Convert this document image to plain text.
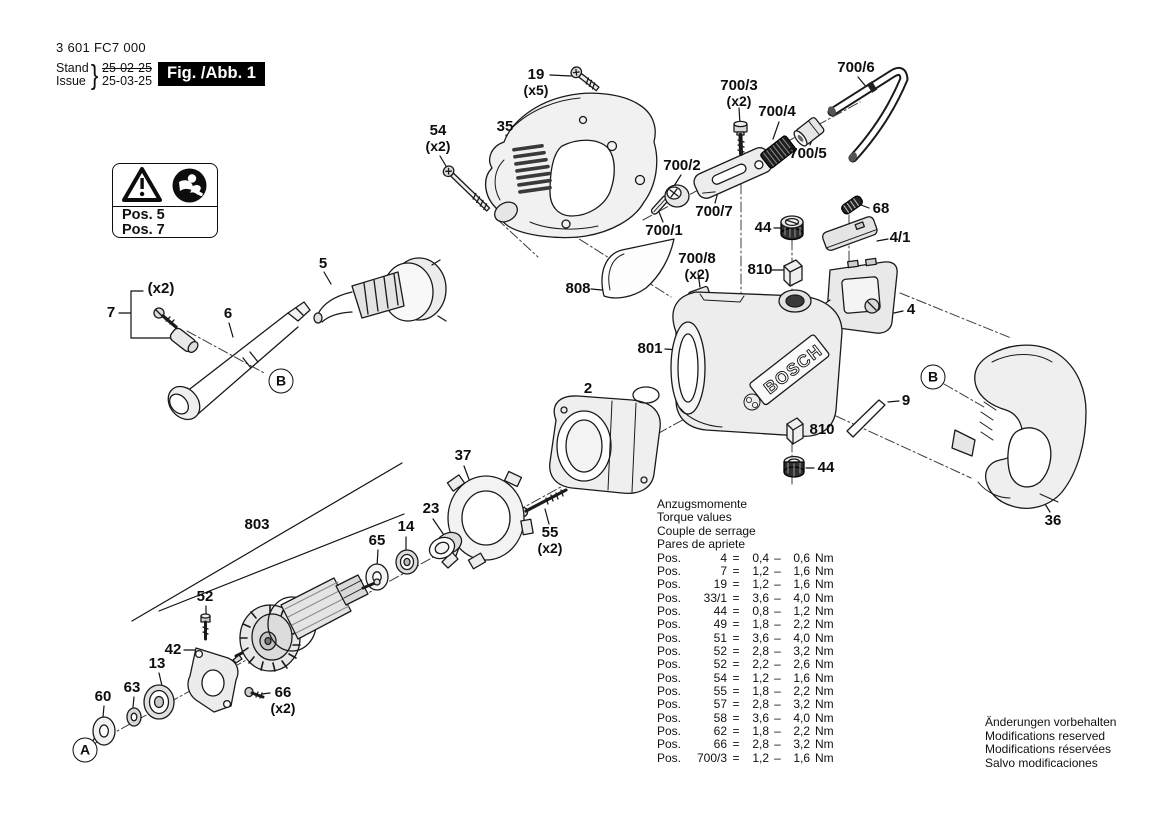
BOSCH
19
(x5)
35
54
(x2)
700/3
(x2)
700/4
700/6
700/5
700/2
700/7
700/1
68
44
4/1
700/8
(x2)	810
808
801
4
7
(x2)
5
6
2
9
810
44
36
37
23
55
(x2)
803
65
14
52
42
13
63
60	66
(x2)
A
B	B
3 601 FC7 000
Stand
Issue } 25-02-25
25-03-25 Fig. /Abb. 1
Pos. 5
Pos. 7
Anzugsmomente
Torque values
Couple de serrage
Pares de apriete
Pos.	4 =	0,4 –	0,6 Nm
Pos.	7 =	1,2 –	1,6 Nm
Pos.	19 =	1,2 –	1,6 Nm
Pos.	33/1 =	3,6 –	4,0 Nm
Pos.	44 =	0,8 –	1,2 Nm
Pos.	49 =	1,8 –	2,2 Nm
Pos.	51 =	3,6 –	4,0 Nm
Pos.	52 =	2,8 –	3,2 Nm
Pos.	52 =	2,2 –	2,6 Nm
Pos.	54 =	1,2 –	1,6 Nm
Pos.	55 =	1,8 –	2,2 Nm
Pos.	57 =	2,8 –	3,2 Nm
Pos.	58 =	3,6 –	4,0 Nm
Pos.	62 =	1,8 –	2,2 Nm
Pos.	66 =	2,8 –	3,2 Nm
Pos.	700/3 =	1,2 –	1,6 Nm
Änderungen vorbehalten
Modifications reserved
Modifications réservées
Salvo modificaciones
